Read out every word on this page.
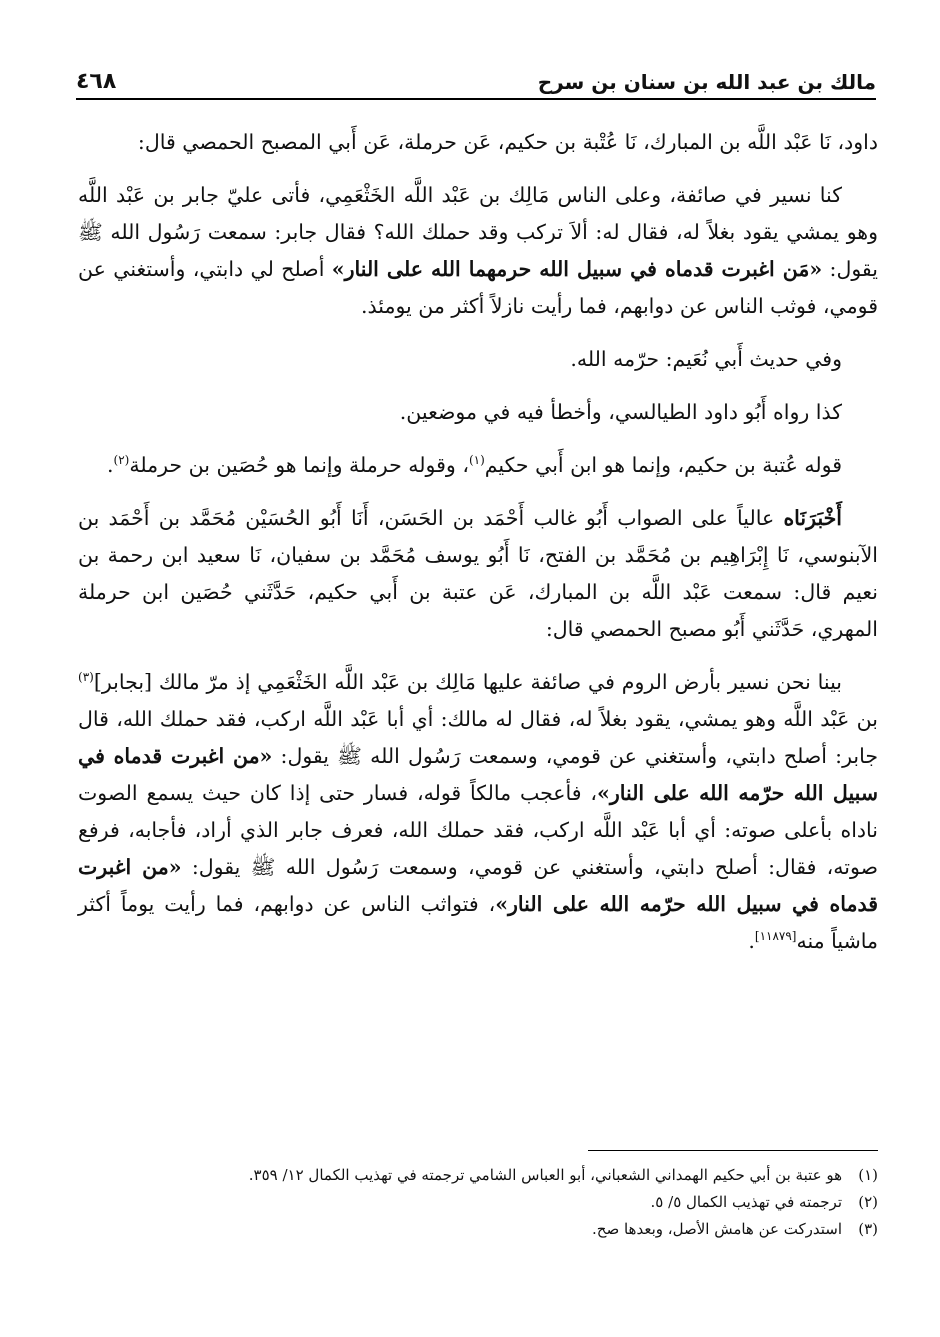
مالك بن عبد الله بن سنان بن سرح
٤٦٨

داود، نَا عَبْد اللَّه بن المبارك، نَا عُتْبة بن حكيم، عَن حرملة، عَن أَبي المصبح الحمصي قال:

كنا نسير في صائفة، وعلى الناس مَالِك بن عَبْد اللَّه الخَثْعَمِي، فأتى عليّ جابر بن عَبْد اللَّه وهو يمشي يقود بغلاً له، فقال له: ألاَ تركب وقد حملك الله؟ فقال جابر: سمعت رَسُول الله ﷺ يقول: «مَن اغبرت قدماه في سبيل الله حرمهما الله على النار» أصلح لي دابتي، وأستغني عن قومي، فوثب الناس عن دوابهم، فما رأيت نازلاً أكثر من يومئذ.

وفي حديث أَبي نُعَيم: حرّمه الله.

كذا رواه أَبُو داود الطيالسي، وأخطأ فيه في موضعين.

قوله عُتبة بن حكيم، وإنما هو ابن أَبي حكيم$^{(١)}$، وقوله حرملة وإنما هو حُصَين بن حرملة$^{(٢)}$.

أَخْبَرَنَاه عالياً على الصواب أَبُو غالب أَحْمَد بن الحَسَن، أَنَا أَبُو الحُسَيْن مُحَمَّد بن أَحْمَد بن الآبنوسي، نَا إِبْرَاهِيم بن مُحَمَّد بن الفتح، نَا أَبُو يوسف مُحَمَّد بن سفيان، نَا سعيد ابن رحمة بن نعيم قال: سمعت عَبْد اللَّه بن المبارك، عَن عتبة بن أَبي حكيم، حَدَّثَني حُصَين ابن حرملة المهري، حَدَّثَني أَبُو مصبح الحمصي قال:

بينا نحن نسير بأرض الروم في صائفة عليها مَالِك بن عَبْد اللَّه الخَثْعَمِي إذ مرّ مالك [بجابر]$^{(٣)}$ بن عَبْد اللَّه وهو يمشي، يقود بغلاً له، فقال له مالك: أي أبا عَبْد اللَّه اركب، فقد حملك الله، قال جابر: أصلح دابتي، وأستغني عن قومي، وسمعت رَسُول الله ﷺ يقول: «من اغبرت قدماه في سبيل الله حرّمه الله على النار»، فأعجب مالكاً قوله، فسار حتى إذا كان حيث يسمع الصوت ناداه بأعلى صوته: أي أبا عَبْد اللَّه اركب، فقد حملك الله، فعرف جابر الذي أراد، فأجابه، فرفع صوته، فقال: أصلح دابتي، وأستغني عن قومي، وسمعت رَسُول الله ﷺ يقول: «من اغبرت قدماه في سبيل الله حرّمه الله على النار»، فتواثب الناس عن دوابهم، فما رأيت يوماً أكثر ماشياً منه[١١٨٧٩].

(١)
هو عتبة بن أبي حكيم الهمداني الشعباني، أبو العباس الشامي ترجمته في تهذيب الكمال ١٢/ ٣٥٩.
(٢)
ترجمته في تهذيب الكمال ٥/ ٥.
(٣)
استدركت عن هامش الأصل، وبعدها صح.
